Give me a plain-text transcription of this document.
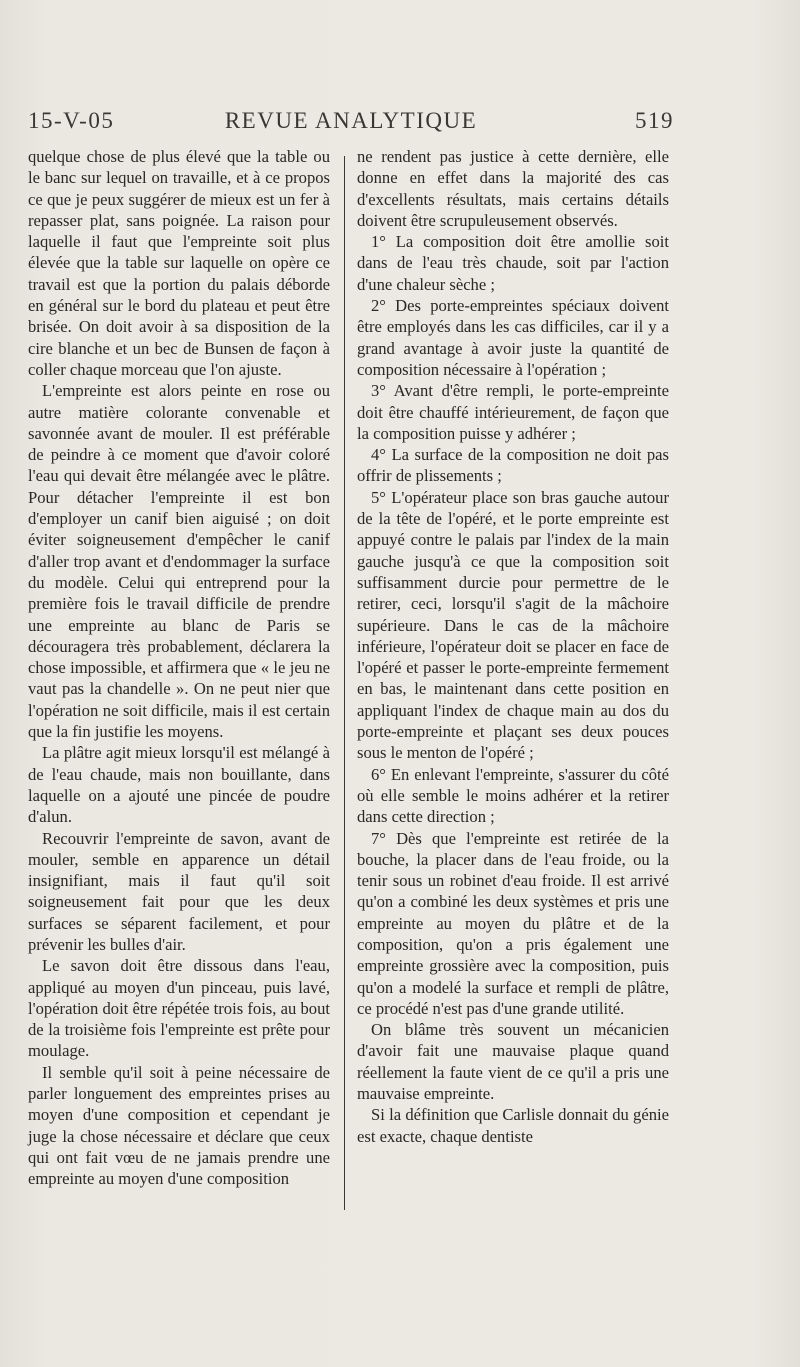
15-V-05	REVUE ANALYTIQUE	519

quelque chose de plus élevé que la table ou le banc sur lequel on travaille, et à ce propos ce que je peux suggérer de mieux est un fer à repasser plat, sans poignée. La raison pour laquelle il faut que l'empreinte soit plus élevée que la table sur laquelle on opère ce travail est que la portion du palais déborde en général sur le bord du plateau et peut être brisée. On doit avoir à sa disposition de la cire blanche et un bec de Bunsen de façon à coller chaque morceau que l'on ajuste.

L'empreinte est alors peinte en rose ou autre matière colorante convenable et savonnée avant de mouler. Il est préférable de peindre à ce moment que d'avoir coloré l'eau qui devait être mélangée avec le plâtre. Pour détacher l'empreinte il est bon d'employer un canif bien aiguisé ; on doit éviter soigneusement d'empêcher le canif d'aller trop avant et d'endommager la surface du modèle. Celui qui entreprend pour la première fois le travail difficile de prendre une empreinte au blanc de Paris se découragera très probablement, déclarera la chose impossible, et affirmera que « le jeu ne vaut pas la chandelle ». On ne peut nier que l'opération ne soit difficile, mais il est certain que la fin justifie les moyens.

La plâtre agit mieux lorsqu'il est mélangé à de l'eau chaude, mais non bouillante, dans laquelle on a ajouté une pincée de poudre d'alun.

Recouvrir l'empreinte de savon, avant de mouler, semble en apparence un détail insignifiant, mais il faut qu'il soit soigneusement fait pour que les deux surfaces se séparent facilement, et pour prévenir les bulles d'air.

Le savon doit être dissous dans l'eau, appliqué au moyen d'un pinceau, puis lavé, l'opération doit être répétée trois fois, au bout de la troisième fois l'empreinte est prête pour moulage.

Il semble qu'il soit à peine nécessaire de parler longuement des empreintes prises au moyen d'une composition et cependant je juge la chose nécessaire et déclare que ceux qui ont fait vœu de ne jamais prendre une empreinte au moyen d'une composition

ne rendent pas justice à cette dernière, elle donne en effet dans la majorité des cas d'excellents résultats, mais certains détails doivent être scrupuleusement observés.

1° La composition doit être amollie soit dans de l'eau très chaude, soit par l'action d'une chaleur sèche ;

2° Des porte-empreintes spéciaux doivent être employés dans les cas difficiles, car il y a grand avantage à avoir juste la quantité de composition nécessaire à l'opération ;

3° Avant d'être rempli, le porte-empreinte doit être chauffé intérieurement, de façon que la composition puisse y adhérer ;

4° La surface de la composition ne doit pas offrir de plissements ;

5° L'opérateur place son bras gauche autour de la tête de l'opéré, et le porte empreinte est appuyé contre le palais par l'index de la main gauche jusqu'à ce que la composition soit suffisamment durcie pour permettre de le retirer, ceci, lorsqu'il s'agit de la mâchoire supérieure. Dans le cas de la mâchoire inférieure, l'opérateur doit se placer en face de l'opéré et passer le porte-empreinte fermement en bas, le maintenant dans cette position en appliquant l'index de chaque main au dos du porte-empreinte et plaçant ses deux pouces sous le menton de l'opéré ;

6° En enlevant l'empreinte, s'assurer du côté où elle semble le moins adhérer et la retirer dans cette direction ;

7° Dès que l'empreinte est retirée de la bouche, la placer dans de l'eau froide, ou la tenir sous un robinet d'eau froide. Il est arrivé qu'on a combiné les deux systèmes et pris une empreinte au moyen du plâtre et de la composition, qu'on a pris également une empreinte grossière avec la composition, puis qu'on a modelé la surface et rempli de plâtre, ce procédé n'est pas d'une grande utilité.

On blâme très souvent un mécanicien d'avoir fait une mauvaise plaque quand réellement la faute vient de ce qu'il a pris une mauvaise empreinte.

Si la définition que Carlisle donnait du génie est exacte, chaque dentiste
